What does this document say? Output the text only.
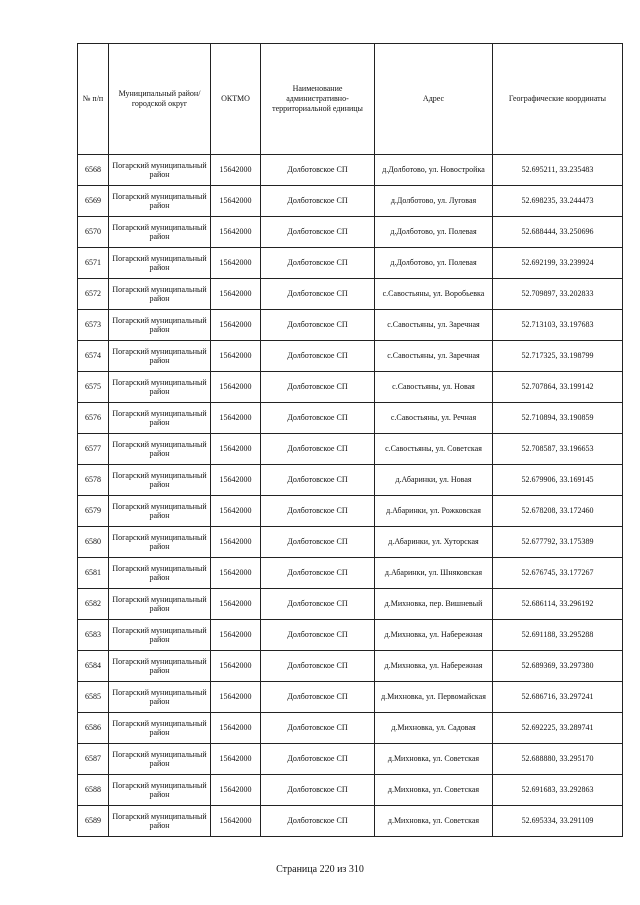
№ п/п	Муниципальный район/городской округ	ОКТМО	Наименование административно-территориальной единицы	Адрес	Географические координаты
6568	Погарский муниципальный район	15642000	Долботовское СП	д.Долботово, ул. Новостройка	52.695211, 33.235483
6569	Погарский муниципальный район	15642000	Долботовское СП	д.Долботово, ул. Луговая	52.698235, 33.244473
6570	Погарский муниципальный район	15642000	Долботовское СП	д.Долботово, ул. Полевая	52.688444, 33.250696
6571	Погарский муниципальный район	15642000	Долботовское СП	д.Долботово, ул. Полевая	52.692199, 33.239924
6572	Погарский муниципальный район	15642000	Долботовское СП	с.Савостьяны, ул. Воробьевка	52.709897, 33.202833
6573	Погарский муниципальный район	15642000	Долботовское СП	с.Савостьяны, ул. Заречная	52.713103, 33.197683
6574	Погарский муниципальный район	15642000	Долботовское СП	с.Савостьяны, ул. Заречная	52.717325, 33.198799
6575	Погарский муниципальный район	15642000	Долботовское СП	с.Савостьяны, ул. Новая	52.707864, 33.199142
6576	Погарский муниципальный район	15642000	Долботовское СП	с.Савостьяны, ул. Речная	52.710894, 33.190859
6577	Погарский муниципальный район	15642000	Долботовское СП	с.Савостьяны, ул. Советская	52.708587, 33.196653
6578	Погарский муниципальный район	15642000	Долботовское СП	д.Абаринки, ул. Новая	52.679906, 33.169145
6579	Погарский муниципальный район	15642000	Долботовское СП	д.Абаринки, ул. Рожковская	52.678208, 33.172460
6580	Погарский муниципальный район	15642000	Долботовское СП	д.Абаринки, ул. Хуторская	52.677792, 33.175389
6581	Погарский муниципальный район	15642000	Долботовское СП	д.Абаринки, ул. Шняковская	52.676745, 33.177267
6582	Погарский муниципальный район	15642000	Долботовское СП	д.Михновка, пер. Вишневый	52.686114, 33.296192
6583	Погарский муниципальный район	15642000	Долботовское СП	д.Михновка, ул. Набережная	52.691188, 33.295288
6584	Погарский муниципальный район	15642000	Долботовское СП	д.Михновка, ул. Набережная	52.689369, 33.297380
6585	Погарский муниципальный район	15642000	Долботовское СП	д.Михновка, ул. Первомайская	52.686716, 33.297241
6586	Погарский муниципальный район	15642000	Долботовское СП	д.Михновка, ул. Садовая	52.692225, 33.289741
6587	Погарский муниципальный район	15642000	Долботовское СП	д.Михновка, ул. Советская	52.688880, 33.295170
6588	Погарский муниципальный район	15642000	Долботовское СП	д.Михновка, ул. Советская	52.691683, 33.292863
6589	Погарский муниципальный район	15642000	Долботовское СП	д.Михновка, ул. Советская	52.695334, 33.291109
Страница 220 из 310
